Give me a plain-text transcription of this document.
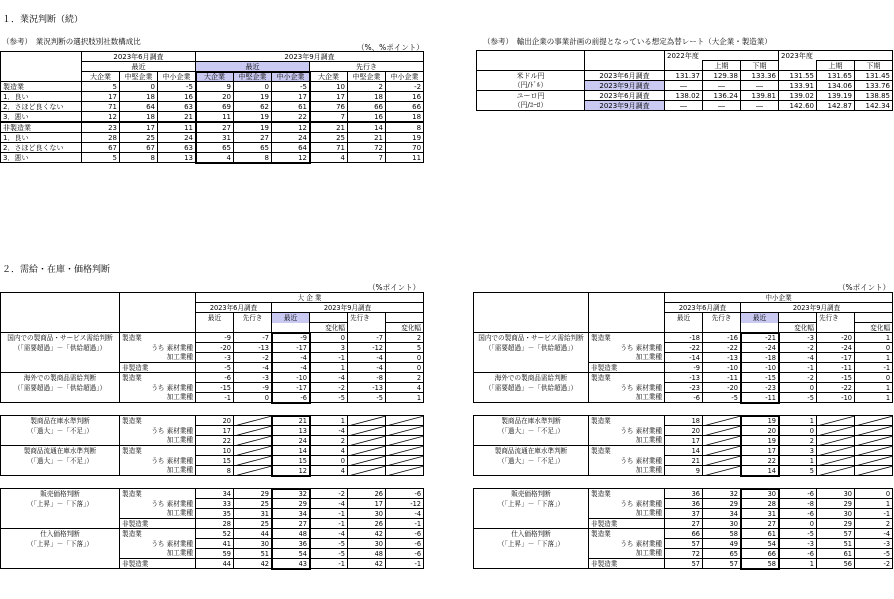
１．業況判断（続）
（参考）　業況判断の選択肢別社数構成比
（%、%ポイント）
	2023年6月調査			2023年9月調査					
	最近			最近			先行き		
	大企業	中堅企業	中小企業	大企業	中堅企業	中小企業	大企業	中堅企業	中小企業
製造業	5	0	-5	9	0	-5	10	2	-2
1．良い	17	18	16	20	19	17	17	18	16
2．さほど良くない	71	64	63	69	62	61	76	66	66
3．悪い	12	18	21	11	19	22	7	16	18
非製造業	23	17	11	27	19	12	21	14	8
1．良い	28	25	24	31	27	24	25	21	19
2．さほど良くない	67	67	63	65	65	64	71	72	70
3．悪い	5	8	13	4	8	12	4	7	11
（参考）　輸出企業の事業計画の前提となっている想定為替レート（大企業・製造業）
		2022年度			2023年度		
			上期	下期		上期	下期
米ドル円	2023年6月調査	131.37	129.38	133.36	131.55	131.65	131.45
（円/ﾄﾞﾙ）	2023年9月調査	―	―	―	133.91	134.06	133.76
ユーロ円	2023年6月調査	138.02	136.24	139.81	139.02	139.19	138.85
（円/ﾕｰﾛ）	2023年9月調査	―	―	―	142.60	142.87	142.34
２．需給・在庫・価格判断
（%ポイント）	（%ポイント）
		大 企 業					
		2023年6月調査		2023年9月調査			
		最近	先行き	最近		先行き	
					変化幅		変化幅
国内での製商品・サービス需給判断	製造業	-9	-7	-9	0	-7	2
（「需要超過」－「供給超過」）	うち 素材業種	-20	-13	-17	3	-12	5
	加工業種	-3	-2	-4	-1	-4	0
	非製造業	-5	-4	-4	1	-4	0
海外での製商品需給判断	製造業	-6	-3	-10	-4	-8	2
（「需要超過」－「供給超過」）	うち 素材業種	-15	-9	-17	-2	-13	4
	加工業種	-1	0	-6	-5	-5	1

製商品在庫水準判断	製造業	20		21	1		
（「過大」－「不足」）	うち 素材業種	17		13	-4		
	加工業種	22		24	2		
製商品流通在庫水準判断	製造業	10		14	4		
（「過大」－「不足」）	うち 素材業種	15		15	0		
	加工業種	8		12	4		

販売価格判断	製造業	34	29	32	-2	26	-6
（「上昇」－「下落」）	うち 素材業種	33	25	29	-4	17	-12
	加工業種	35	31	34	-1	30	-4
	非製造業	28	25	27	-1	26	-1
仕入価格判断	製造業	52	44	48	-4	42	-6
（「上昇」－「下落」）	うち 素材業種	41	30	36	-5	30	-6
	加工業種	59	51	54	-5	48	-6
	非製造業	44	42	43	-1	42	-1
		中小企業					
		2023年6月調査		2023年9月調査			
		最近	先行き	最近		先行き	
					変化幅		変化幅
国内での製商品・サービス需給判断	製造業	-18	-16	-21	-3	-20	1
（「需要超過」－「供給超過」）	うち 素材業種	-22	-22	-24	-2	-24	0
	加工業種	-14	-13	-18	-4	-17	1
	非製造業	-9	-10	-10	-1	-11	-1
海外での製商品需給判断	製造業	-13	-11	-15	-2	-15	0
（「需要超過」－「供給超過」）	うち 素材業種	-23	-20	-23	0	-22	1
	加工業種	-6	-5	-11	-5	-10	1

製商品在庫水準判断	製造業	18		19	1		
（「過大」－「不足」）	うち 素材業種	20		20	0		
	加工業種	17		19	2		
製商品流通在庫水準判断	製造業	14		17	3		
（「過大」－「不足」）	うち 素材業種	21		22	1		
	加工業種	9		14	5		

販売価格判断	製造業	36	32	30	-6	30	0
（「上昇」－「下落」）	うち 素材業種	36	29	28	-8	29	1
	加工業種	37	34	31	-6	30	-1
	非製造業	27	30	27	0	29	2
仕入価格判断	製造業	66	58	61	-5	57	-4
（「上昇」－「下落」）	うち 素材業種	57	49	54	-3	51	-3
	加工業種	72	65	66	-6	61	-5
	非製造業	57	57	58	1	56	-2
